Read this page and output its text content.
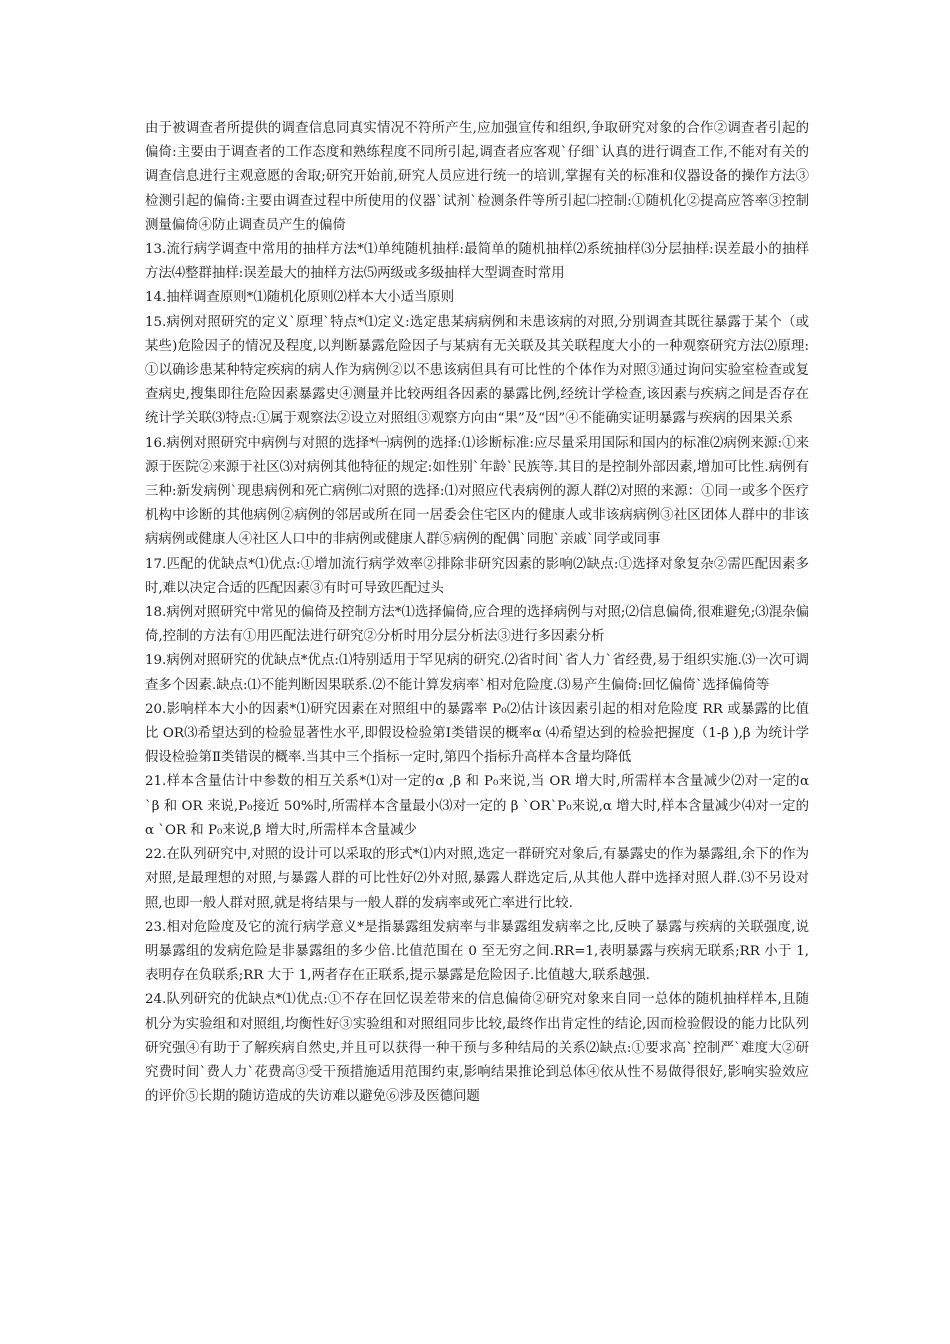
由于被调查者所提供的调查信息同真实情况不符所产生,应加强宣传和组织,争取研究对象的合作②调查者引起的偏倚:主要由于调查者的工作态度和熟练程度不同所引起,调查者应客观`仔细`认真的进行调查工作,不能对有关的调查信息进行主观意愿的舍取;研究开始前,研究人员应进行统一的培训,掌握有关的标准和仪器设备的操作方法③检测引起的偏倚:主要由调查过程中所使用的仪器`试剂`检测条件等所引起㈡控制:①随机化②提高应答率③控制测量偏倚④防止调查员产生的偏倚

13.流行病学调查中常用的抽样方法*⑴单纯随机抽样:最简单的随机抽样⑵系统抽样⑶分层抽样:误差最小的抽样方法⑷整群抽样:误差最大的抽样方法⑸两级或多级抽样大型调查时常用

14.抽样调查原则*⑴随机化原则⑵样本大小适当原则

15.病例对照研究的定义`原理`特点*⑴定义:选定患某病病例和未患该病的对照,分别调查其既往暴露于某个（或某些)危险因子的情况及程度,以判断暴露危险因子与某病有无关联及其关联程度大小的一种观察研究方法⑵原理: ①以确诊患某种特定疾病的病人作为病例②以不患该病但具有可比性的个体作为对照③通过询问实验室检查或复查病史,搜集即往危险因素暴露史④测量并比较两组各因素的暴露比例,经统计学检查,该因素与疾病之间是否存在统计学关联⑶特点:①属于观察法②设立对照组③观察方向由“果”及“因”④不能确实证明暴露与疾病的因果关系

16.病例对照研究中病例与对照的选择*㈠病例的选择:⑴诊断标准:应尽量采用国际和国内的标准⑵病例来源:①来源于医院②来源于社区⑶对病例其他特征的规定:如性别`年龄`民族等.其目的是控制外部因素,增加可比性.病例有三种:新发病例`现患病例和死亡病例㈡对照的选择:⑴对照应代表病例的源人群⑵对照的来源：①同一或多个医疗机构中诊断的其他病例②病例的邻居或所在同一居委会住宅区内的健康人或非该病病例③社区团体人群中的非该病病例或健康人④社区人口中的非病例或健康人群⑤病例的配偶`同胞`亲戚`同学或同事

17.匹配的优缺点*⑴优点:①增加流行病学效率②排除非研究因素的影响⑵缺点:①选择对象复杂②需匹配因素多时,难以决定合适的匹配因素③有时可导致匹配过头

18.病例对照研究中常见的偏倚及控制方法*⑴选择偏倚,应合理的选择病例与对照;⑵信息偏倚,很难避免;⑶混杂偏倚,控制的方法有①用匹配法进行研究②分析时用分层分析法③进行多因素分析

19.病例对照研究的优缺点*优点:⑴特别适用于罕见病的研究.⑵省时间`省人力`省经费,易于组织实施.⑶一次可调查多个因素.缺点:⑴不能判断因果联系.⑵不能计算发病率`相对危险度.⑶易产生偏倚:回忆偏倚`选择偏倚等

20.影响样本大小的因素*⑴研究因素在对照组中的暴露率 P₀⑵估计该因素引起的相对危险度 RR 或暴露的比值比 OR⑶希望达到的检验显著性水平,即假设检验第Ⅰ类错误的概率α ⑷希望达到的检验把握度（1-β ),β 为统计学假设检验第Ⅱ类错误的概率.当其中三个指标一定时,第四个指标升高样本含量均降低

21.样本含量估计中参数的相互关系*⑴对一定的α ,β 和 P₀来说,当 OR 增大时,所需样本含量减少⑵对一定的α `β 和 OR 来说,P₀接近 50%时,所需样本含量最小⑶对一定的 β `OR`P₀来说,α 增大时,样本含量减少⑷对一定的α `OR 和 P₀来说,β 增大时,所需样本含量减少

22.在队列研究中,对照的设计可以采取的形式*⑴内对照,选定一群研究对象后,有暴露史的作为暴露组,余下的作为对照,是最理想的对照,与暴露人群的可比性好⑵外对照,暴露人群选定后,从其他人群中选择对照人群.⑶不另设对照,也即一般人群对照,就是将结果与一般人群的发病率或死亡率进行比较.

23.相对危险度及它的流行病学意义*是指暴露组发病率与非暴露组发病率之比,反映了暴露与疾病的关联强度,说明暴露组的发病危险是非暴露组的多少倍.比值范围在 0 至无穷之间.RR=1,表明暴露与疾病无联系;RR 小于 1,表明存在负联系;RR 大于 1,两者存在正联系,提示暴露是危险因子.比值越大,联系越强.

24.队列研究的优缺点*⑴优点:①不存在回忆误差带来的信息偏倚②研究对象来自同一总体的随机抽样样本,且随机分为实验组和对照组,均衡性好③实验组和对照组同步比较,最终作出肯定性的结论,因而检验假设的能力比队列研究强④有助于了解疾病自然史,并且可以获得一种干预与多种结局的关系⑵缺点:①要求高`控制严`难度大②研究费时间`费人力`花费高③受干预措施适用范围约束,影响结果推论到总体④依从性不易做得很好,影响实验效应的评价⑤长期的随访造成的失访难以避免⑥涉及医德问题
